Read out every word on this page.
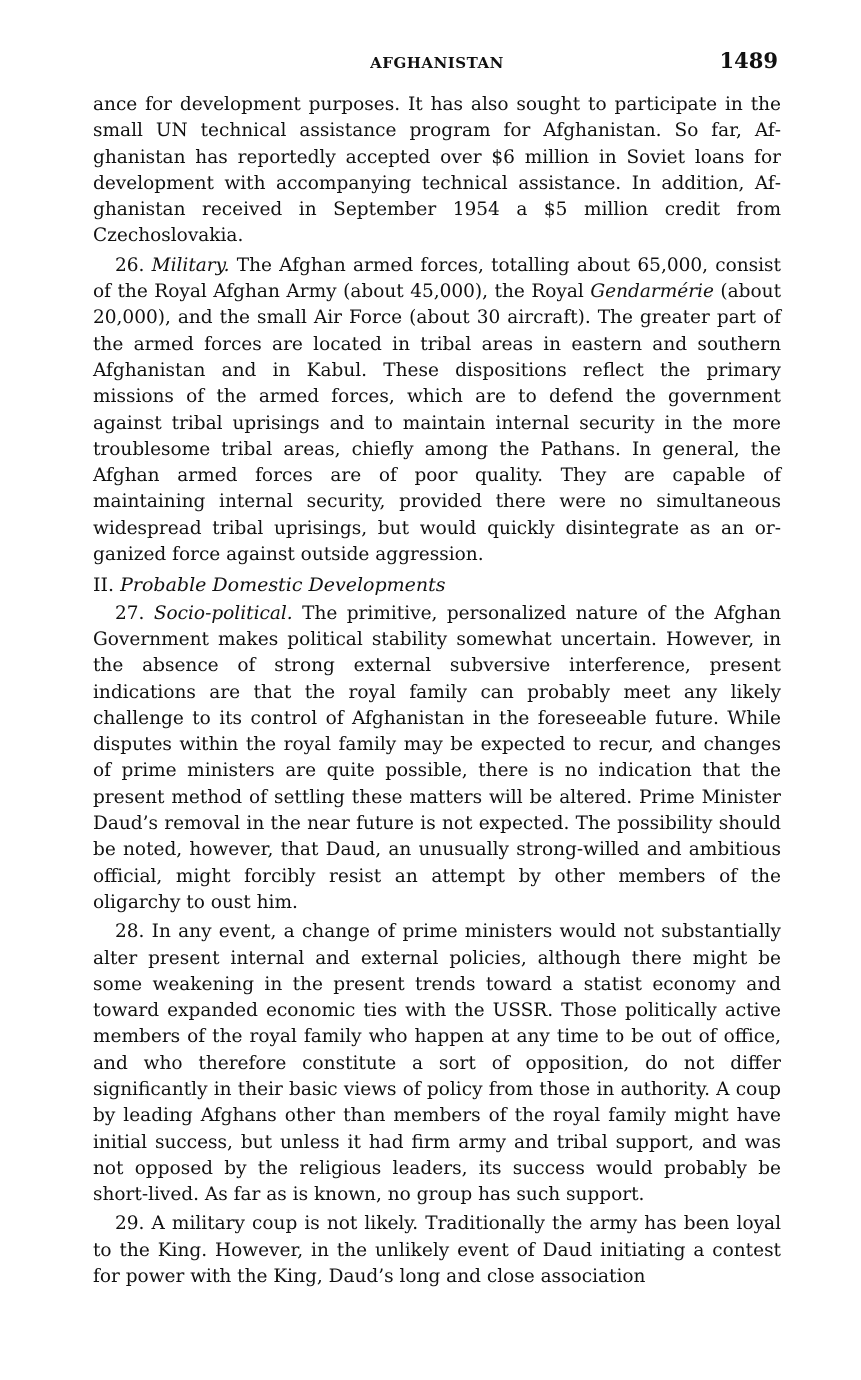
AFGHANISTAN	1489

ance for development purposes. It has also sought to participate in the small UN technical assistance program for Afghanistan. So far, Afghanistan has reportedly accepted over $6 million in Soviet loans for development with accompanying technical assistance. In addition, Afghanistan received in September 1954 a $5 million credit from Czechoslovakia.

26. Military. The Afghan armed forces, totalling about 65,000, consist of the Royal Afghan Army (about 45,000), the Royal Gendarmérie (about 20,000), and the small Air Force (about 30 aircraft). The greater part of the armed forces are located in tribal areas in eastern and southern Afghanistan and in Kabul. These dispositions reflect the primary missions of the armed forces, which are to defend the government against tribal uprisings and to maintain internal security in the more troublesome tribal areas, chiefly among the Pathans. In general, the Afghan armed forces are of poor quality. They are capable of maintaining internal security, provided there were no simultaneous widespread tribal uprisings, but would quickly disintegrate as an organized force against outside aggression.

II. Probable Domestic Developments

27. Socio-political. The primitive, personalized nature of the Afghan Government makes political stability somewhat uncertain. However, in the absence of strong external subversive interference, present indications are that the royal family can probably meet any likely challenge to its control of Afghanistan in the foreseeable future. While disputes within the royal family may be expected to recur, and changes of prime ministers are quite possible, there is no indication that the present method of settling these matters will be altered. Prime Minister Daud’s removal in the near future is not expected. The possibility should be noted, however, that Daud, an unusually strong-willed and ambitious official, might forcibly resist an attempt by other members of the oligarchy to oust him.

28. In any event, a change of prime ministers would not substantially alter present internal and external policies, although there might be some weakening in the present trends toward a statist economy and toward expanded economic ties with the USSR. Those politically active members of the royal family who happen at any time to be out of office, and who therefore constitute a sort of opposition, do not differ significantly in their basic views of policy from those in authority. A coup by leading Afghans other than members of the royal family might have initial success, but unless it had firm army and tribal support, and was not opposed by the religious leaders, its success would probably be short-lived. As far as is known, no group has such support.

29. A military coup is not likely. Traditionally the army has been loyal to the King. However, in the unlikely event of Daud initiating a contest for power with the King, Daud’s long and close association
